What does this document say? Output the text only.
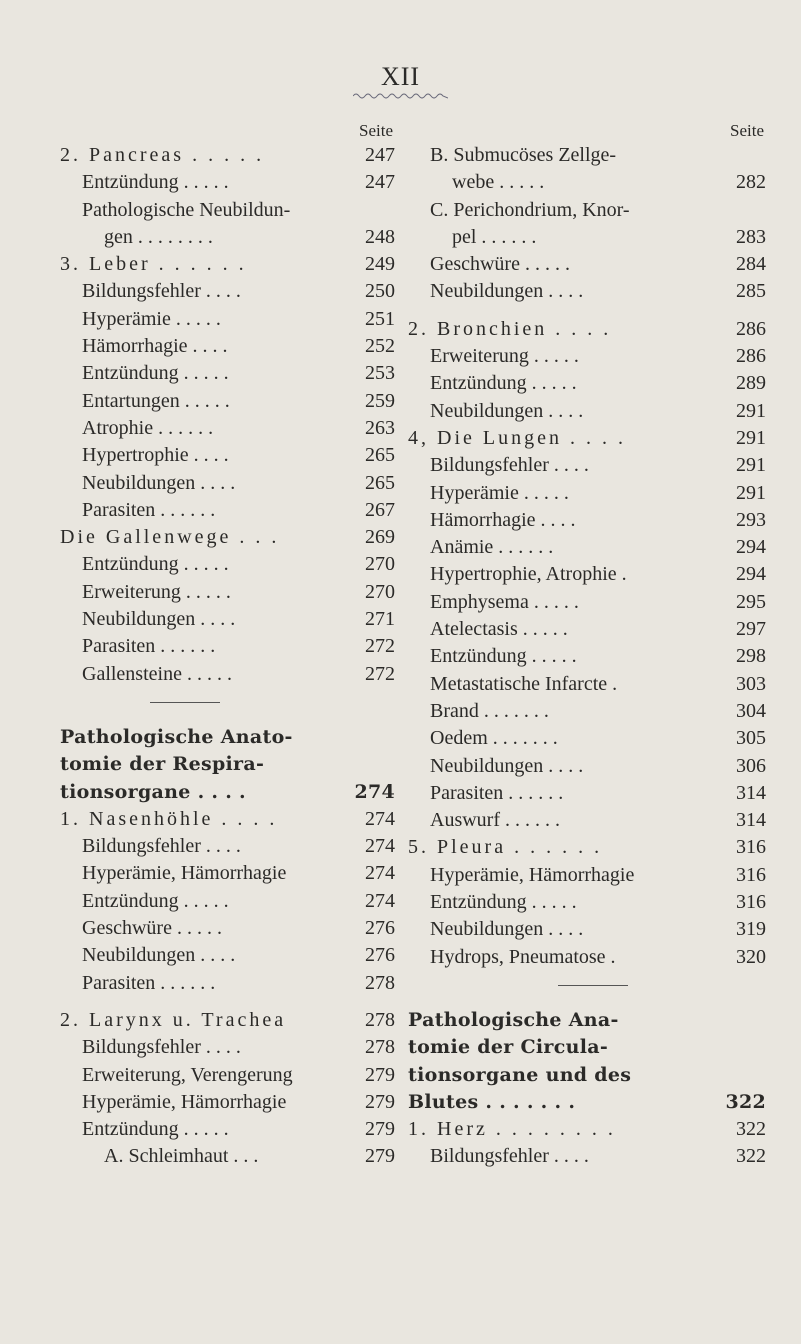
XII
Seite
2. Pancreas . . . . .	247
Entzündung . . . . .	247
Pathologische Neubildun-
gen . . . . . . . .	248
3. Leber . . . . . .	249
Bildungsfehler . . . .	250
Hyperämie . . . . .	251
Hämorrhagie . . . .	252
Entzündung . . . . .	253
Entartungen . . . . .	259
Atrophie . . . . . .	263
Hypertrophie . . . .	265
Neubildungen . . . .	265
Parasiten . . . . . .	267
Die Gallenwege . . .	269
Entzündung . . . . .	270
Erweiterung . . . . .	270
Neubildungen . . . .	271
Parasiten . . . . . .	272
Gallensteine . . . . .	272
Pathologische Anato-
tomie der Respira-
tionsorgane . . . .	274
1. Nasenhöhle . . . .	274
Bildungsfehler . . . .	274
Hyperämie, Hämorrhagie	274
Entzündung . . . . .	274
Geschwüre . . . . .	276
Neubildungen . . . .	276
Parasiten . . . . . .	278
2. Larynx u. Trachea	278
Bildungsfehler . . . .	278
Erweiterung, Verengerung	279
Hyperämie, Hämorrhagie	279
Entzündung . . . . .	279
A. Schleimhaut . . .	279
Seite
B. Submucöses Zellge-
webe . . . . .	282
C. Perichondrium, Knor-
pel . . . . . .	283
Geschwüre . . . . .	284
Neubildungen . . . .	285
2. Bronchien . . . .	286
Erweiterung . . . . .	286
Entzündung . . . . .	289
Neubildungen . . . .	291
4, Die Lungen . . . .	291
Bildungsfehler . . . .	291
Hyperämie . . . . .	291
Hämorrhagie . . . .	293
Anämie . . . . . .	294
Hypertrophie, Atrophie .	294
Emphysema . . . . .	295
Atelectasis . . . . .	297
Entzündung . . . . .	298
Metastatische Infarcte .	303
Brand . . . . . . .	304
Oedem . . . . . . .	305
Neubildungen . . . .	306
Parasiten . . . . . .	314
Auswurf . . . . . .	314
5. Pleura . . . . . .	316
Hyperämie, Hämorrhagie	316
Entzündung . . . . .	316
Neubildungen . . . .	319
Hydrops, Pneumatose .	320
Pathologische Ana-
tomie der Circula-
tionsorgane und des
Blutes . . . . . . .	322
1. Herz . . . . . . . .	322
Bildungsfehler . . . .	322
